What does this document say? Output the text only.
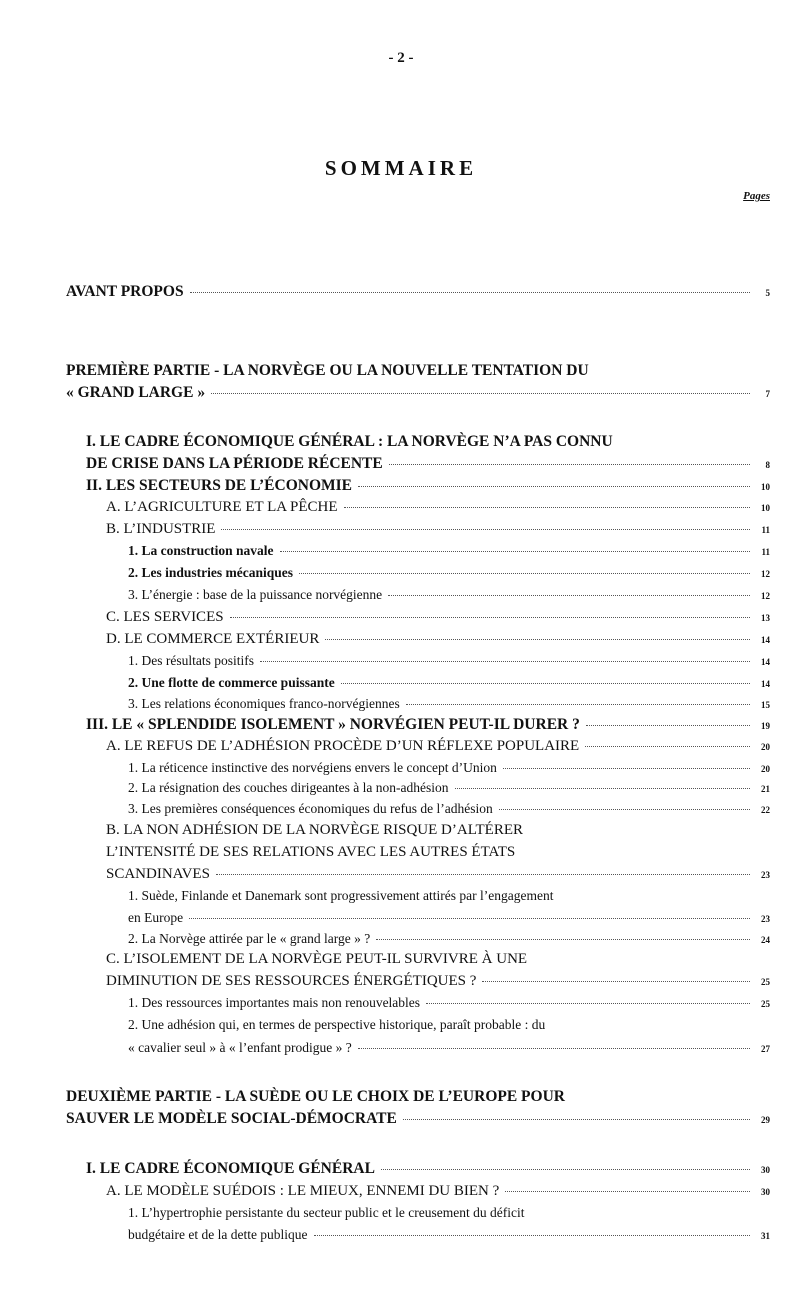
- 2 -
SOMMAIRE
Pages
AVANT PROPOS	5
PREMIÈRE PARTIE - LA NORVÈGE OU LA NOUVELLE TENTATION DU
« GRAND LARGE »	7
I. LE CADRE ÉCONOMIQUE GÉNÉRAL : LA NORVÈGE N’A PAS CONNU
DE CRISE DANS LA PÉRIODE RÉCENTE	8
II. LES SECTEURS DE L’ÉCONOMIE	10
A. L’AGRICULTURE ET LA PÊCHE	10
B. L’INDUSTRIE	11
1. La construction navale	11
2. Les industries mécaniques	12
3. L’énergie : base de la puissance norvégienne	12
C. LES SERVICES	13
D. LE COMMERCE EXTÉRIEUR	14
1. Des résultats positifs	14
2. Une flotte de commerce puissante	14
3. Les relations économiques franco-norvégiennes	15
III. LE « SPLENDIDE ISOLEMENT » NORVÉGIEN PEUT-IL DURER ?	19
A. LE REFUS DE L’ADHÉSION PROCÈDE D’UN RÉFLEXE POPULAIRE	20
1. La réticence instinctive des norvégiens envers le concept d’Union	20
2. La résignation des couches dirigeantes à la non-adhésion	21
3. Les premières conséquences économiques du refus de l’adhésion	22
B. LA NON ADHÉSION DE LA NORVÈGE RISQUE D’ALTÉRER
L’INTENSITÉ DE SES RELATIONS AVEC LES AUTRES ÉTATS
SCANDINAVES	23
1. Suède, Finlande et Danemark sont progressivement attirés par l’engagement
en Europe	23
2. La Norvège attirée par le « grand large » ?	24
C. L’ISOLEMENT DE LA NORVÈGE PEUT-IL SURVIVRE À UNE
DIMINUTION DE SES RESSOURCES ÉNERGÉTIQUES ?	25
1. Des ressources importantes mais non renouvelables	25
2. Une adhésion qui, en termes de perspective historique, paraît probable : du
« cavalier seul » à « l’enfant prodigue » ?	27
DEUXIÈME PARTIE - LA SUÈDE OU LE CHOIX DE L’EUROPE POUR
SAUVER LE MODÈLE SOCIAL-DÉMOCRATE	29
I. LE CADRE ÉCONOMIQUE GÉNÉRAL	30
A. LE MODÈLE SUÉDOIS : LE MIEUX, ENNEMI DU BIEN ?	30
1. L’hypertrophie persistante du secteur public et le creusement du déficit
budgétaire et de la dette publique	31
